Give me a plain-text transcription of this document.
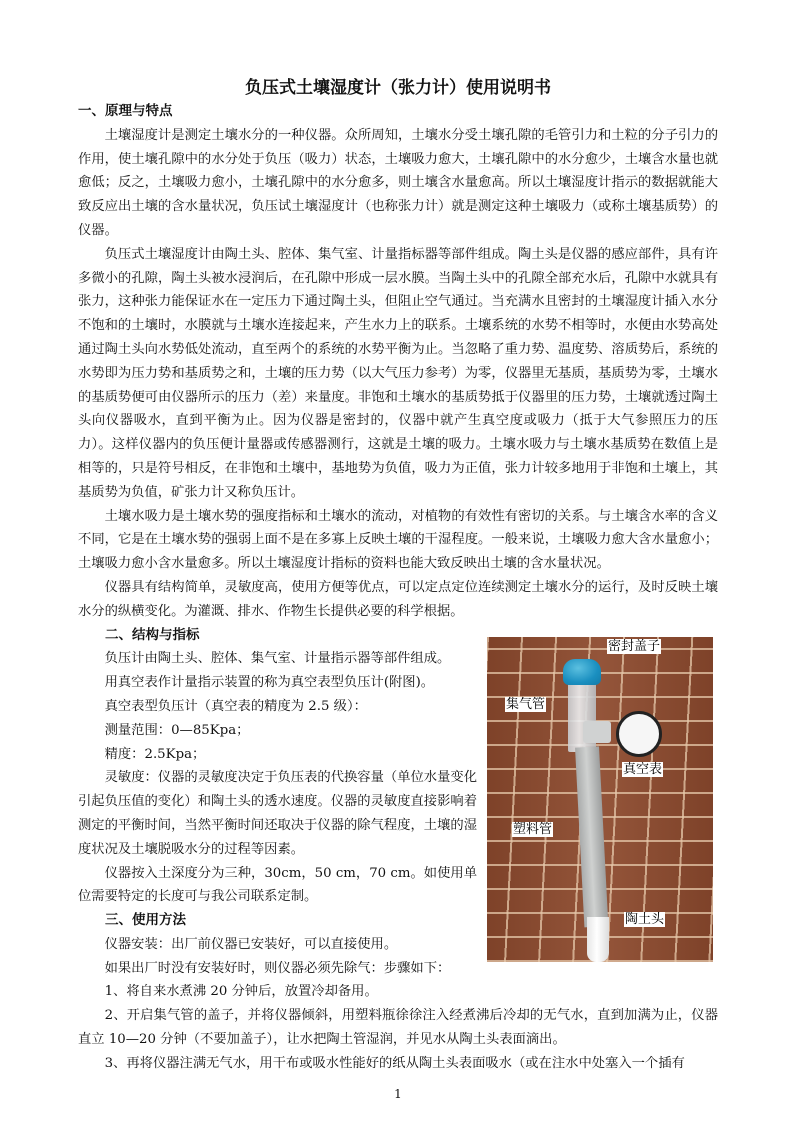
负压式土壤湿度计（张力计）使用说明书
一、原理与特点
土壤湿度计是测定土壤水分的一种仪器。众所周知，土壤水分受土壤孔隙的毛管引力和土粒的分子引力的作用，使土壤孔隙中的水分处于负压（吸力）状态，土壤吸力愈大，土壤孔隙中的水分愈少，土壤含水量也就愈低；反之，土壤吸力愈小，土壤孔隙中的水分愈多，则土壤含水量愈高。所以土壤湿度计指示的数据就能大致反应出土壤的含水量状况，负压试土壤湿度计（也称张力计）就是测定这种土壤吸力（或称土壤基质势）的仪器。
负压式土壤湿度计由陶土头、腔体、集气室、计量指标器等部件组成。陶土头是仪器的感应部件，具有许多微小的孔隙，陶土头被水浸润后，在孔隙中形成一层水膜。当陶土头中的孔隙全部充水后，孔隙中水就具有张力，这种张力能保证水在一定压力下通过陶土头，但阻止空气通过。当充满水且密封的土壤湿度计插入水分不饱和的土壤时，水膜就与土壤水连接起来，产生水力上的联系。土壤系统的水势不相等时，水便由水势高处通过陶土头向水势低处流动，直至两个的系统的水势平衡为止。当忽略了重力势、温度势、溶质势后，系统的水势即为压力势和基质势之和，土壤的压力势（以大气压力参考）为零，仪器里无基质，基质势为零，土壤水的基质势便可由仪器所示的压力（差）来量度。非饱和土壤水的基质势抵于仪器里的压力势，土壤就透过陶土头向仪器吸水，直到平衡为止。因为仪器是密封的，仪器中就产生真空度或吸力（抵于大气参照压力的压力）。这样仪器内的负压便计量器或传感器测行，这就是土壤的吸力。土壤水吸力与土壤水基质势在数值上是相等的，只是符号相反，在非饱和土壤中，基地势为负值，吸力为正值，张力计较多地用于非饱和土壤上，其基质势为负值，矿张力计又称负压计。
土壤水吸力是土壤水势的强度指标和土壤水的流动，对植物的有效性有密切的关系。与土壤含水率的含义不同，它是在土壤水势的强弱上面不是在多寡上反映土壤的干湿程度。一般来说，土壤吸力愈大含水量愈小；土壤吸力愈小含水量愈多。所以土壤湿度计指标的资料也能大致反映出土壤的含水量状况。
仪器具有结构简单，灵敏度高，使用方便等优点，可以定点定位连续测定土壤水分的运行，及时反映土壤水分的纵横变化。为灌溉、排水、作物生长提供必要的科学根据。
密封盖子
集气管
真空表
塑料管
陶土头
二、结构与指标
负压计由陶土头、腔体、集气室、计量指示器等部件组成。
用真空表作计量指示装置的称为真空表型负压计(附图)。
真空表型负压计（真空表的精度为 2.5 级）：
测量范围：0—85Kpa；
精度：2.5Kpa；
灵敏度：仪器的灵敏度决定于负压表的代换容量（单位水量变化引起负压值的变化）和陶土头的透水速度。仪器的灵敏度直接影响着测定的平衡时间，当然平衡时间还取决于仪器的除气程度，土壤的湿度状况及土壤脱吸水分的过程等因素。
仪器按入土深度分为三种，30cm，50 cm，70 cm。如使用单位需要特定的长度可与我公司联系定制。
三、使用方法
仪器安装：出厂前仪器已安装好，可以直接使用。
如果出厂时没有安装好时，则仪器必须先除气：步骤如下：
1、将自来水煮沸 20 分钟后，放置冷却备用。
2、开启集气管的盖子，并将仪器倾斜，用塑料瓶徐徐注入经煮沸后冷却的无气水，直到加满为止，仪器直立 10—20 分钟（不要加盖子），让水把陶土管湿润，并见水从陶土头表面滴出。
3、再将仪器注满无气水，用干布或吸水性能好的纸从陶土头表面吸水（或在注水中处塞入一个插有
1
